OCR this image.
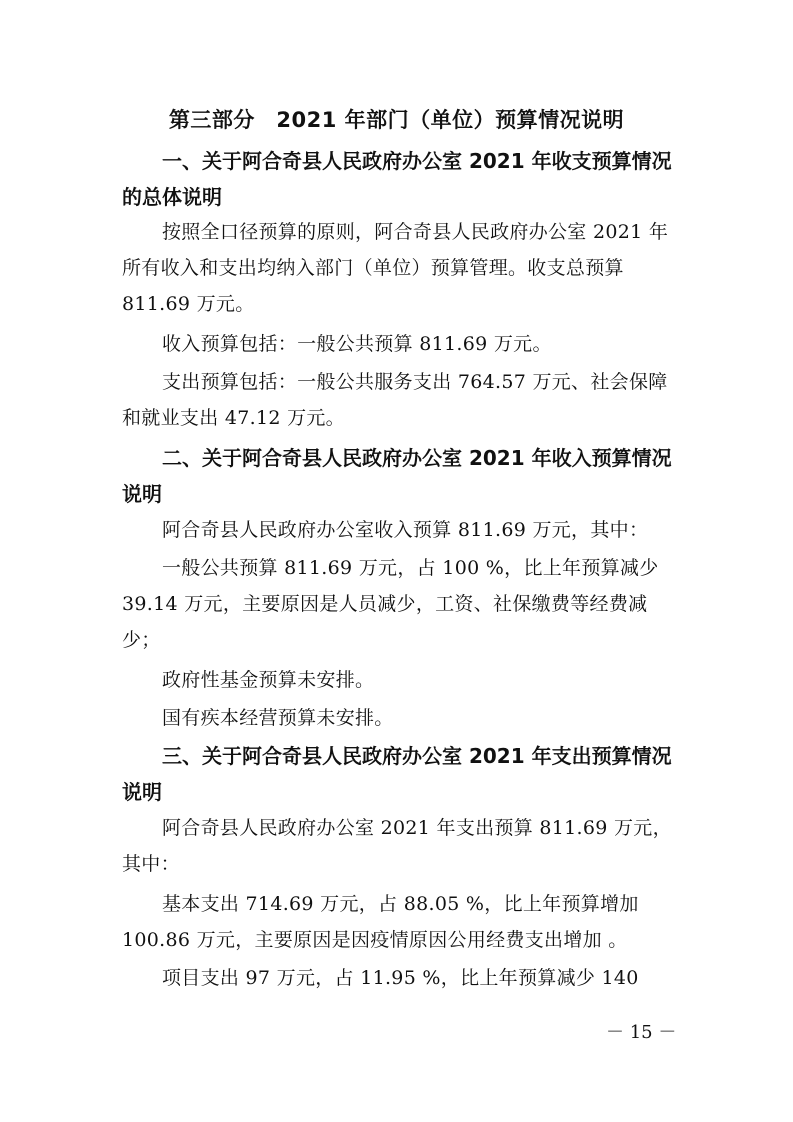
第三部分　2021 年部门（单位）预算情况说明

一、关于阿合奇县人民政府办公室 2021 年收支预算情况的总体说明

按照全口径预算的原则，阿合奇县人民政府办公室 2021 年所有收入和支出均纳入部门（单位）预算管理。收支总预算 811.69 万元。

收入预算包括：一般公共预算 811.69 万元。

支出预算包括：一般公共服务支出 764.57 万元、社会保障和就业支出 47.12 万元。

二、关于阿合奇县人民政府办公室 2021 年收入预算情况说明

阿合奇县人民政府办公室收入预算 811.69 万元，其中：

一般公共预算 811.69 万元，占 100 %，比上年预算减少 39.14 万元，主要原因是人员减少，工资、社保缴费等经费减少；

政府性基金预算未安排。

国有疾本经营预算未安排。

三、关于阿合奇县人民政府办公室 2021 年支出预算情况说明

阿合奇县人民政府办公室 2021 年支出预算 811.69 万元，其中：

基本支出 714.69 万元，占 88.05 %，比上年预算增加 100.86 万元，主要原因是因疫情原因公用经费支出增加 。

项目支出 97 万元，占 11.95 %，比上年预算减少 140

－ 15 －
